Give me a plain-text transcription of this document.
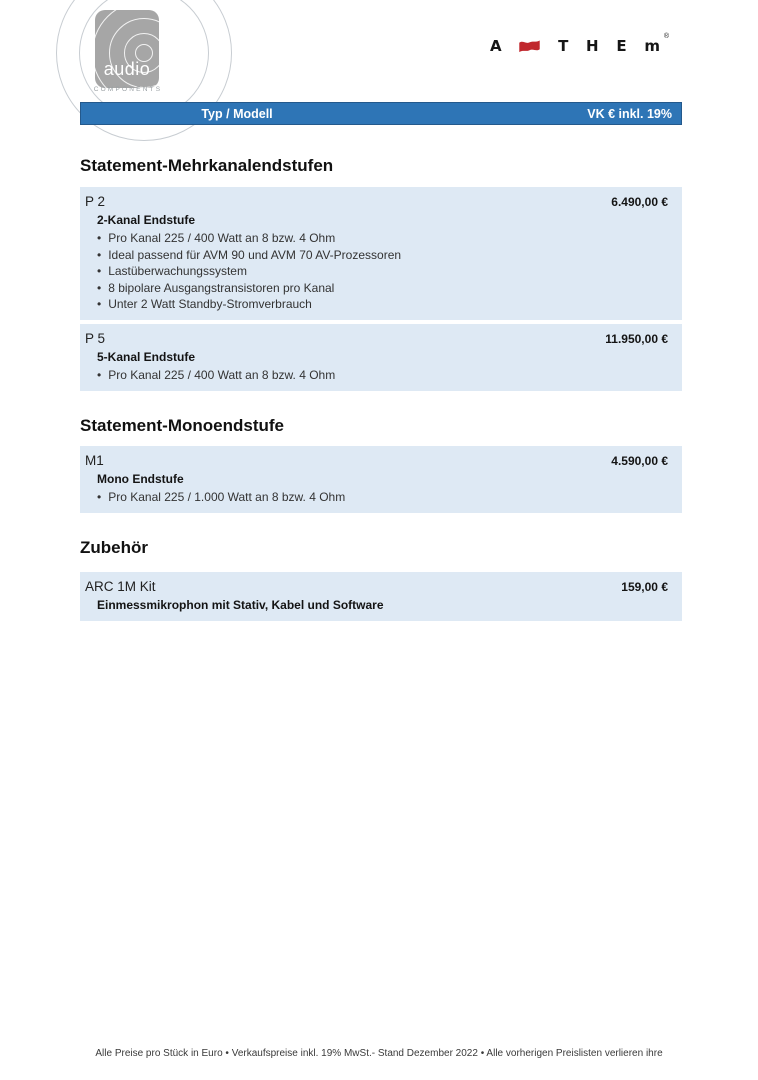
audio
COMPONENTS
A	T H E m ®
Typ / Modell	VK € inkl. 19%
Statement-Mehrkanalendstufen
P 2	6.490,00 €
2-Kanal Endstufe
• Pro Kanal 225 / 400 Watt an 8 bzw. 4 Ohm
• Ideal passend für AVM 90 und AVM 70 AV-Prozessoren
• Lastüberwachungssystem
• 8 bipolare Ausgangstransistoren pro Kanal
• Unter 2 Watt Standby-Stromverbrauch
P 5	11.950,00 €
5-Kanal Endstufe
• Pro Kanal 225 / 400 Watt an 8 bzw. 4 Ohm
Statement-Monoendstufe
M1	4.590,00 €
Mono Endstufe
• Pro Kanal 225 / 1.000 Watt an 8 bzw. 4 Ohm
Zubehör
ARC 1M Kit	159,00 €
Einmessmikrophon mit Stativ, Kabel und Software
Alle Preise pro Stück in Euro • Verkaufspreise inkl. 19% MwSt.- Stand Dezember 2022 • Alle vorherigen Preislisten verlieren ihre
